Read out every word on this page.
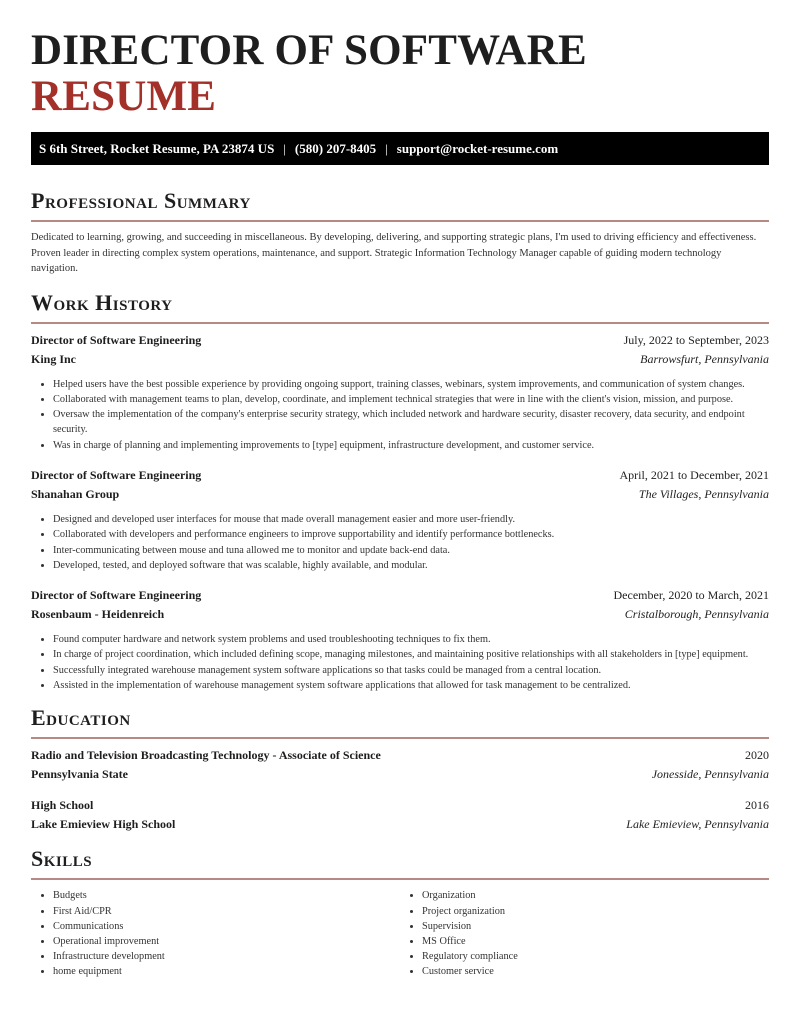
DIRECTOR OF SOFTWARE RESUME
S 6th Street, Rocket Resume, PA 23874 US | (580) 207-8405 | support@rocket-resume.com
Professional Summary

Dedicated to learning, growing, and succeeding in miscellaneous. By developing, delivering, and supporting strategic plans, I'm used to driving efficiency and effectiveness. Proven leader in directing complex system operations, maintenance, and support. Strategic Information Technology Manager capable of guiding modern technology navigation.

Work History
Director of Software Engineering	July, 2022 to September, 2023
King Inc	Barrowsfurt, Pennsylvania
• Helped users have the best possible experience by providing ongoing support, training classes, webinars, system improvements, and communication of system changes.
• Collaborated with management teams to plan, develop, coordinate, and implement technical strategies that were in line with the client's vision, mission, and purpose.
• Oversaw the implementation of the company's enterprise security strategy, which included network and hardware security, disaster recovery, data security, and endpoint security.
• Was in charge of planning and implementing improvements to [type] equipment, infrastructure development, and customer service.
Director of Software Engineering	April, 2021 to December, 2021
Shanahan Group	The Villages, Pennsylvania
• Designed and developed user interfaces for mouse that made overall management easier and more user-friendly.
• Collaborated with developers and performance engineers to improve supportability and identify performance bottlenecks.
• Inter-communicating between mouse and tuna allowed me to monitor and update back-end data.
• Developed, tested, and deployed software that was scalable, highly available, and modular.
Director of Software Engineering	December, 2020 to March, 2021
Rosenbaum - Heidenreich	Cristalborough, Pennsylvania
• Found computer hardware and network system problems and used troubleshooting techniques to fix them.
• In charge of project coordination, which included defining scope, managing milestones, and maintaining positive relationships with all stakeholders in [type] equipment.
• Successfully integrated warehouse management system software applications so that tasks could be managed from a central location.
• Assisted in the implementation of warehouse management system software applications that allowed for task management to be centralized.
Education
Radio and Television Broadcasting Technology - Associate of Science	2020
Pennsylvania State	Jonesside, Pennsylvania
High School	2016
Lake Emieview High School	Lake Emieview, Pennsylvania
Skills
• Budgets
• First Aid/CPR
• Communications
• Operational improvement
• Infrastructure development
• home equipment
• Organization
• Project organization
• Supervision
• MS Office
• Regulatory compliance
• Customer service
